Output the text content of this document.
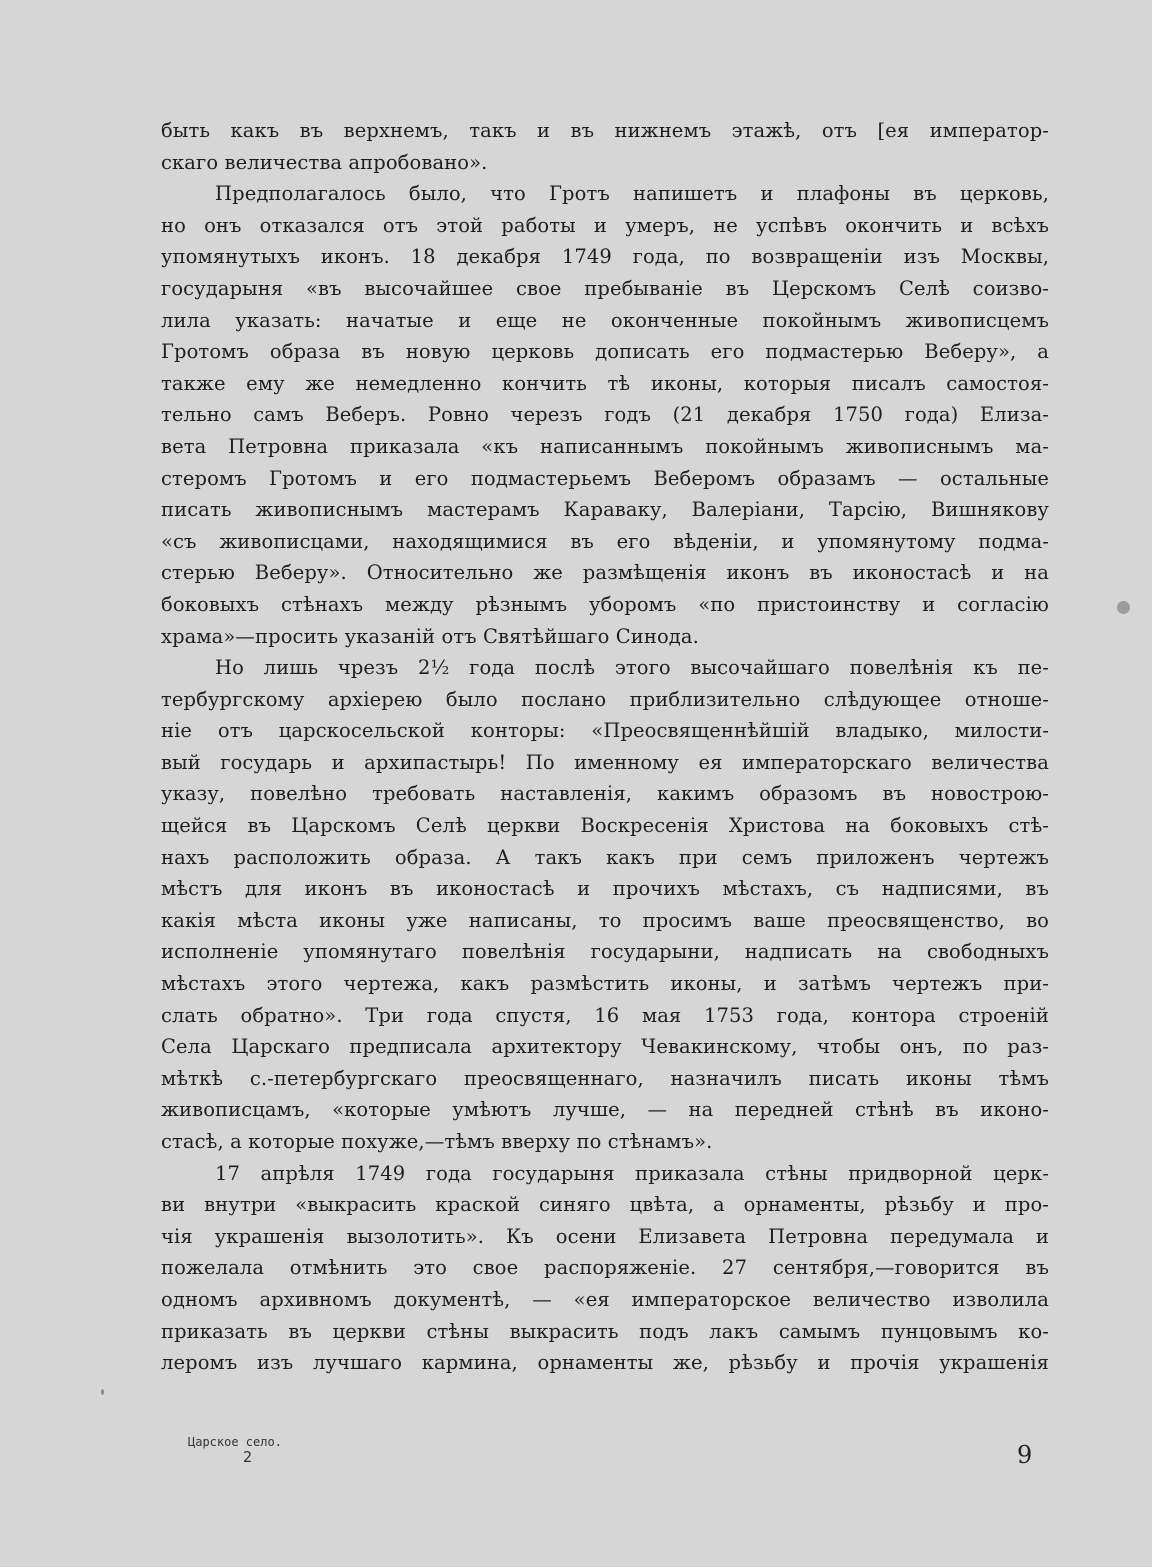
быть какъ въ верхнемъ, такъ и въ нижнемъ этажѣ, отъ [ея император-
скаго величества апробовано».
Предполагалось было, что Гротъ напишетъ и плафоны въ церковь,
но онъ отказался отъ этой работы и умеръ, не успѣвъ окончить и всѣхъ
упомянутыхъ иконъ. 18 декабря 1749 года, по возвращенiи изъ Москвы,
государыня «въ высочайшее свое пребыванiе въ Церскомъ Селѣ соизво-
лила указать: начатые и еще не оконченные покойнымъ живописцемъ
Гротомъ образа въ новую церковь дописать его подмастерью Веберу», а
также ему же немедленно кончить тѣ иконы, которыя писалъ самостоя-
тельно самъ Веберъ. Ровно черезъ годъ (21 декабря 1750 года) Елиза-
вета Петровна приказала «къ написаннымъ покойнымъ живописнымъ ма-
стеромъ Гротомъ и его подмастерьемъ Веберомъ образамъ — остальные
писать живописнымъ мастерамъ Караваку, Валерiани, Тарсiю, Вишнякову
«съ живописцами, находящимися въ его вѣденiи, и упомянутому подма-
стерью Веберу». Относительно же размѣщенiя иконъ въ иконостасѣ и на
боковыхъ стѣнахъ между рѣзнымъ уборомъ «по пристоинству и согласiю
храма»—просить указанiй отъ Святѣйшаго Синода.
Но лишь чрезъ 2½ года послѣ этого высочайшаго повелѣнiя къ пе-
тербургскому архiерею было послано приблизительно слѣдующее отноше-
нiе отъ царскосельской конторы: «Преосвященнѣйшiй владыко, милости-
вый государь и архипастырь! По именному ея императорскаго величества
указу, повелѣно требовать наставленiя, какимъ образомъ въ новострою-
щейся въ Царскомъ Селѣ церкви Воскресенiя Христова на боковыхъ стѣ-
нахъ расположить образа. А такъ какъ при семъ приложенъ чертежъ
мѣстъ для иконъ въ иконостасѣ и прочихъ мѣстахъ, съ надписями, въ
какiя мѣста иконы уже написаны, то просимъ ваше преосвященство, во
исполненiе упомянутаго повелѣнiя государыни, надписать на свободныхъ
мѣстахъ этого чертежа, какъ размѣстить иконы, и затѣмъ чертежъ при-
слать обратно». Три года спустя, 16 мая 1753 года, контора строенiй
Села Царскаго предписала архитектору Чевакинскому, чтобы онъ, по раз-
мѣткѣ с.-петербургскаго преосвященнаго, назначилъ писать иконы тѣмъ
живописцамъ, «которые умѣютъ лучше, — на передней стѣнѣ въ иконо-
стасѣ, а которые похуже,—тѣмъ вверху по стѣнамъ».
17 апрѣля 1749 года государыня приказала стѣны придворной церк-
ви внутри «выкрасить краской синяго цвѣта, а орнаменты, рѣзьбу и про-
чiя украшенiя вызолотить». Къ осени Елизавета Петровна передумала и
пожелала отмѣнить это свое распоряженiе. 27 сентября,—говорится въ
одномъ архивномъ документѣ, — «ея императорское величество изволила
приказать въ церкви стѣны выкрасить подъ лакъ самымъ пунцовымъ ко-
леромъ изъ лучшаго кармина, орнаменты же, рѣзьбу и прочiя украшенiя
Царское село.
2	9
